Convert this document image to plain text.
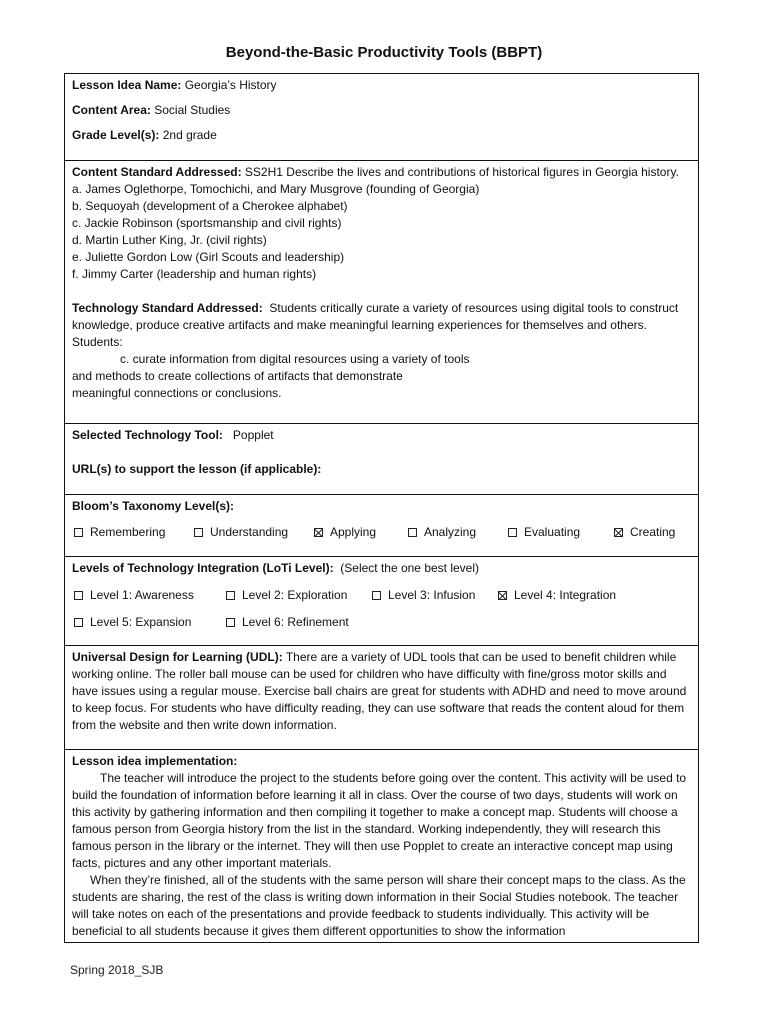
Beyond-the-Basic Productivity Tools (BBPT)

Lesson Idea Name: Georgia’s History

Content Area: Social Studies

Grade Level(s): 2nd grade

Content Standard Addressed: SS2H1 Describe the lives and contributions of historical figures in Georgia history.

a. James Oglethorpe, Tomochichi, and Mary Musgrove (founding of Georgia)

b. Sequoyah (development of a Cherokee alphabet)

c. Jackie Robinson (sportsmanship and civil rights)

d. Martin Luther King, Jr. (civil rights)

e. Juliette Gordon Low (Girl Scouts and leadership)

f. Jimmy Carter (leadership and human rights)

Technology Standard Addressed: Students critically curate a variety of resources using digital tools to construct knowledge, produce creative artifacts and make meaningful learning experiences for themselves and others. Students:

c. curate information from digital resources using a variety of tools

and methods to create collections of artifacts that demonstrate

meaningful connections or conclusions.

Selected Technology Tool: Popplet

URL(s) to support the lesson (if applicable):

Bloom’s Taxonomy Level(s):

Remembering	Understanding	Applying	Analyzing	Evaluating	Creating

Levels of Technology Integration (LoTi Level): (Select the one best level)

Level 1: Awareness	Level 2: Exploration	Level 3: Infusion	Level 4: Integration
Level 5: Expansion	Level 6: Refinement

Universal Design for Learning (UDL): There are a variety of UDL tools that can be used to benefit children while working online. The roller ball mouse can be used for children who have difficulty with fine/gross motor skills and have issues using a regular mouse. Exercise ball chairs are great for students with ADHD and need to move around to keep focus. For students who have difficulty reading, they can use software that reads the content aloud for them from the website and then write down information.

Lesson idea implementation:

The teacher will introduce the project to the students before going over the content. This activity will be used to build the foundation of information before learning it all in class. Over the course of two days, students will work on this activity by gathering information and then compiling it together to make a concept map. Students will choose a famous person from Georgia history from the list in the standard. Working independently, they will research this famous person in the library or the internet. They will then use Popplet to create an interactive concept map using facts, pictures and any other important materials.

When they’re finished, all of the students with the same person will share their concept maps to the class. As the students are sharing, the rest of the class is writing down information in their Social Studies notebook. The teacher will take notes on each of the presentations and provide feedback to students individually. This activity will be beneficial to all students because it gives them different opportunities to show the information

Spring 2018_SJB
